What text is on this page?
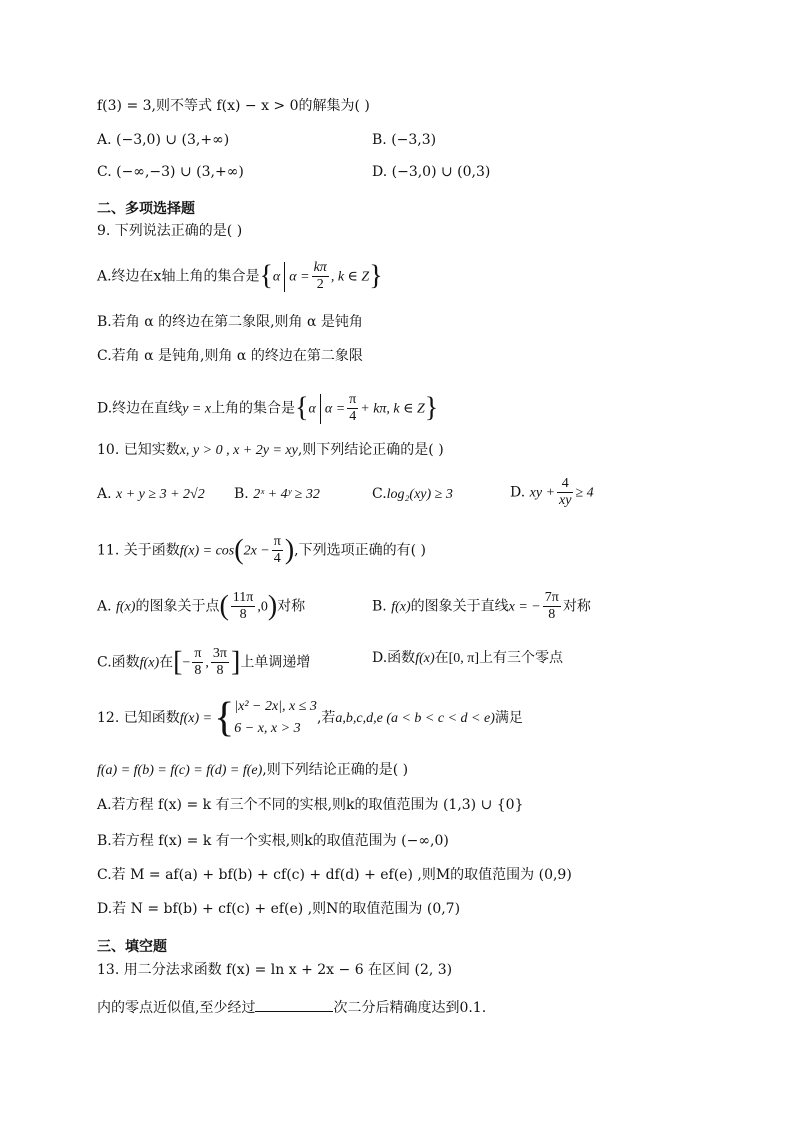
f(3) = 3,则不等式 f(x) − x > 0的解集为( )
A. (−3,0) ∪ (3,+∞)	B. (−3,3)
C. (−∞,−3) ∪ (3,+∞)	D. (−3,0) ∪ (0,3)
二、多项选择题
9. 下列说法正确的是( )
A.终边在x轴上角的集合是{α $\alpha = \frac{k\pi}{2}$ , k ∈ Z}
B.若角 α 的终边在第二象限,则角 α 是钝角
C.若角 α 是钝角,则角 α 的终边在第二象限
D.终边在直线y = x上角的集合是{α $\alpha = \frac{\pi}{4} + k\pi$, k ∈ Z}
10. 已知实数x, y > 0 , x + 2y = xy,则下列结论正确的是( )
A. x + y ≥ 3 + 2√2 B. 2ˣ + 4ʸ ≥ 32	C.log₂(xy) ≥ 3	D. xy + $\frac{4}{xy} \ge 4$
11. 关于函数$f(x) = \cos(2x - \frac{\pi}{4}$ ),下列选项正确的有( )
A. f(x)的图象关于点( $\frac{11\pi}{8} ,0$)对称	B. f(x)的图象关于直线x = − $\frac{7\pi}{8}$ 对称
C.函数f(x)在[− $\frac{\pi}{8}$ , $\frac{3\pi}{8}$ ]上单调递增	D.函数f(x)在[0, π]上有三个零点
12. 已知函数f(x) ={ |x² − 2x|, x ≤ 3
6 − x, x > 3
,若a,b,c,d,e (a < b < c < d < e)满足
f(a) = f(b) = f(c) = f(d) = f(e),则下列结论正确的是( )
A.若方程 f(x) = k 有三个不同的实根,则k的取值范围为 (1,3) ∪ {0}
B.若方程 f(x) = k 有一个实根,则k的取值范围为 (−∞,0)
C.若 M = af(a) + bf(b) + cf(c) + df(d) + ef(e) ,则M的取值范围为 (0,9)
D.若 N = bf(b) + cf(c) + ef(e) ,则N的取值范围为 (0,7)
三、填空题
13. 用二分法求函数 f(x) = ln x + 2x − 6 在区间 (2, 3)
内的零点近似值,至少经过	次二分后精确度达到0.1.
